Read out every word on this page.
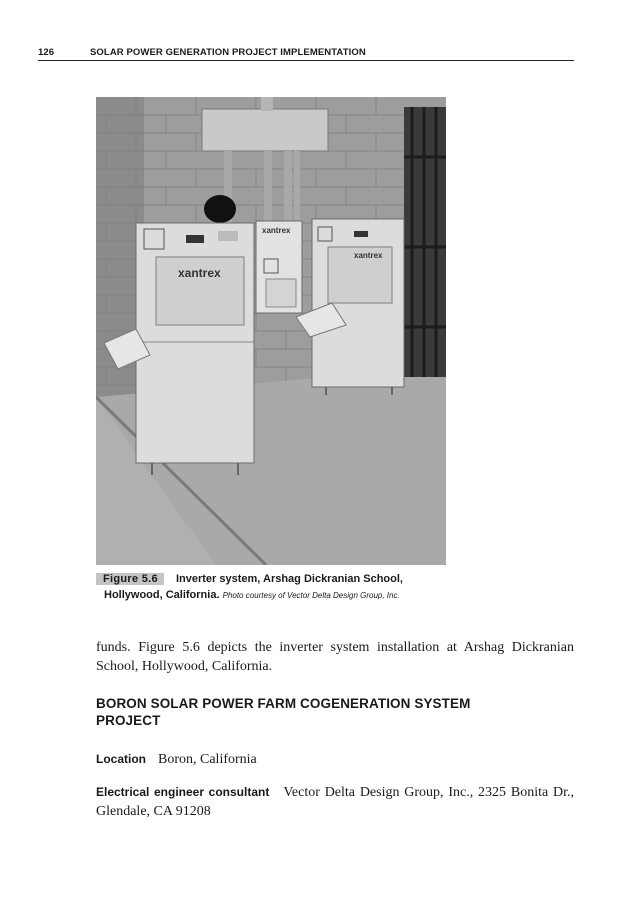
126	SOLAR POWER GENERATION PROJECT IMPLEMENTATION
xantrex
xantrex
xantrex
Figure 5.6 Inverter system, Arshag Dickranian School,
Hollywood, California. Photo courtesy of Vector Delta Design Group, Inc.
funds. Figure 5.6 depicts the inverter system installation at Arshag Dickranian School, Hollywood, California.
BORON SOLAR POWER FARM COGENERATION SYSTEM
PROJECT
Location Boron, California
Electrical engineer consultant Vector Delta Design Group, Inc., 2325 Bonita Dr., Glendale, CA 91208
